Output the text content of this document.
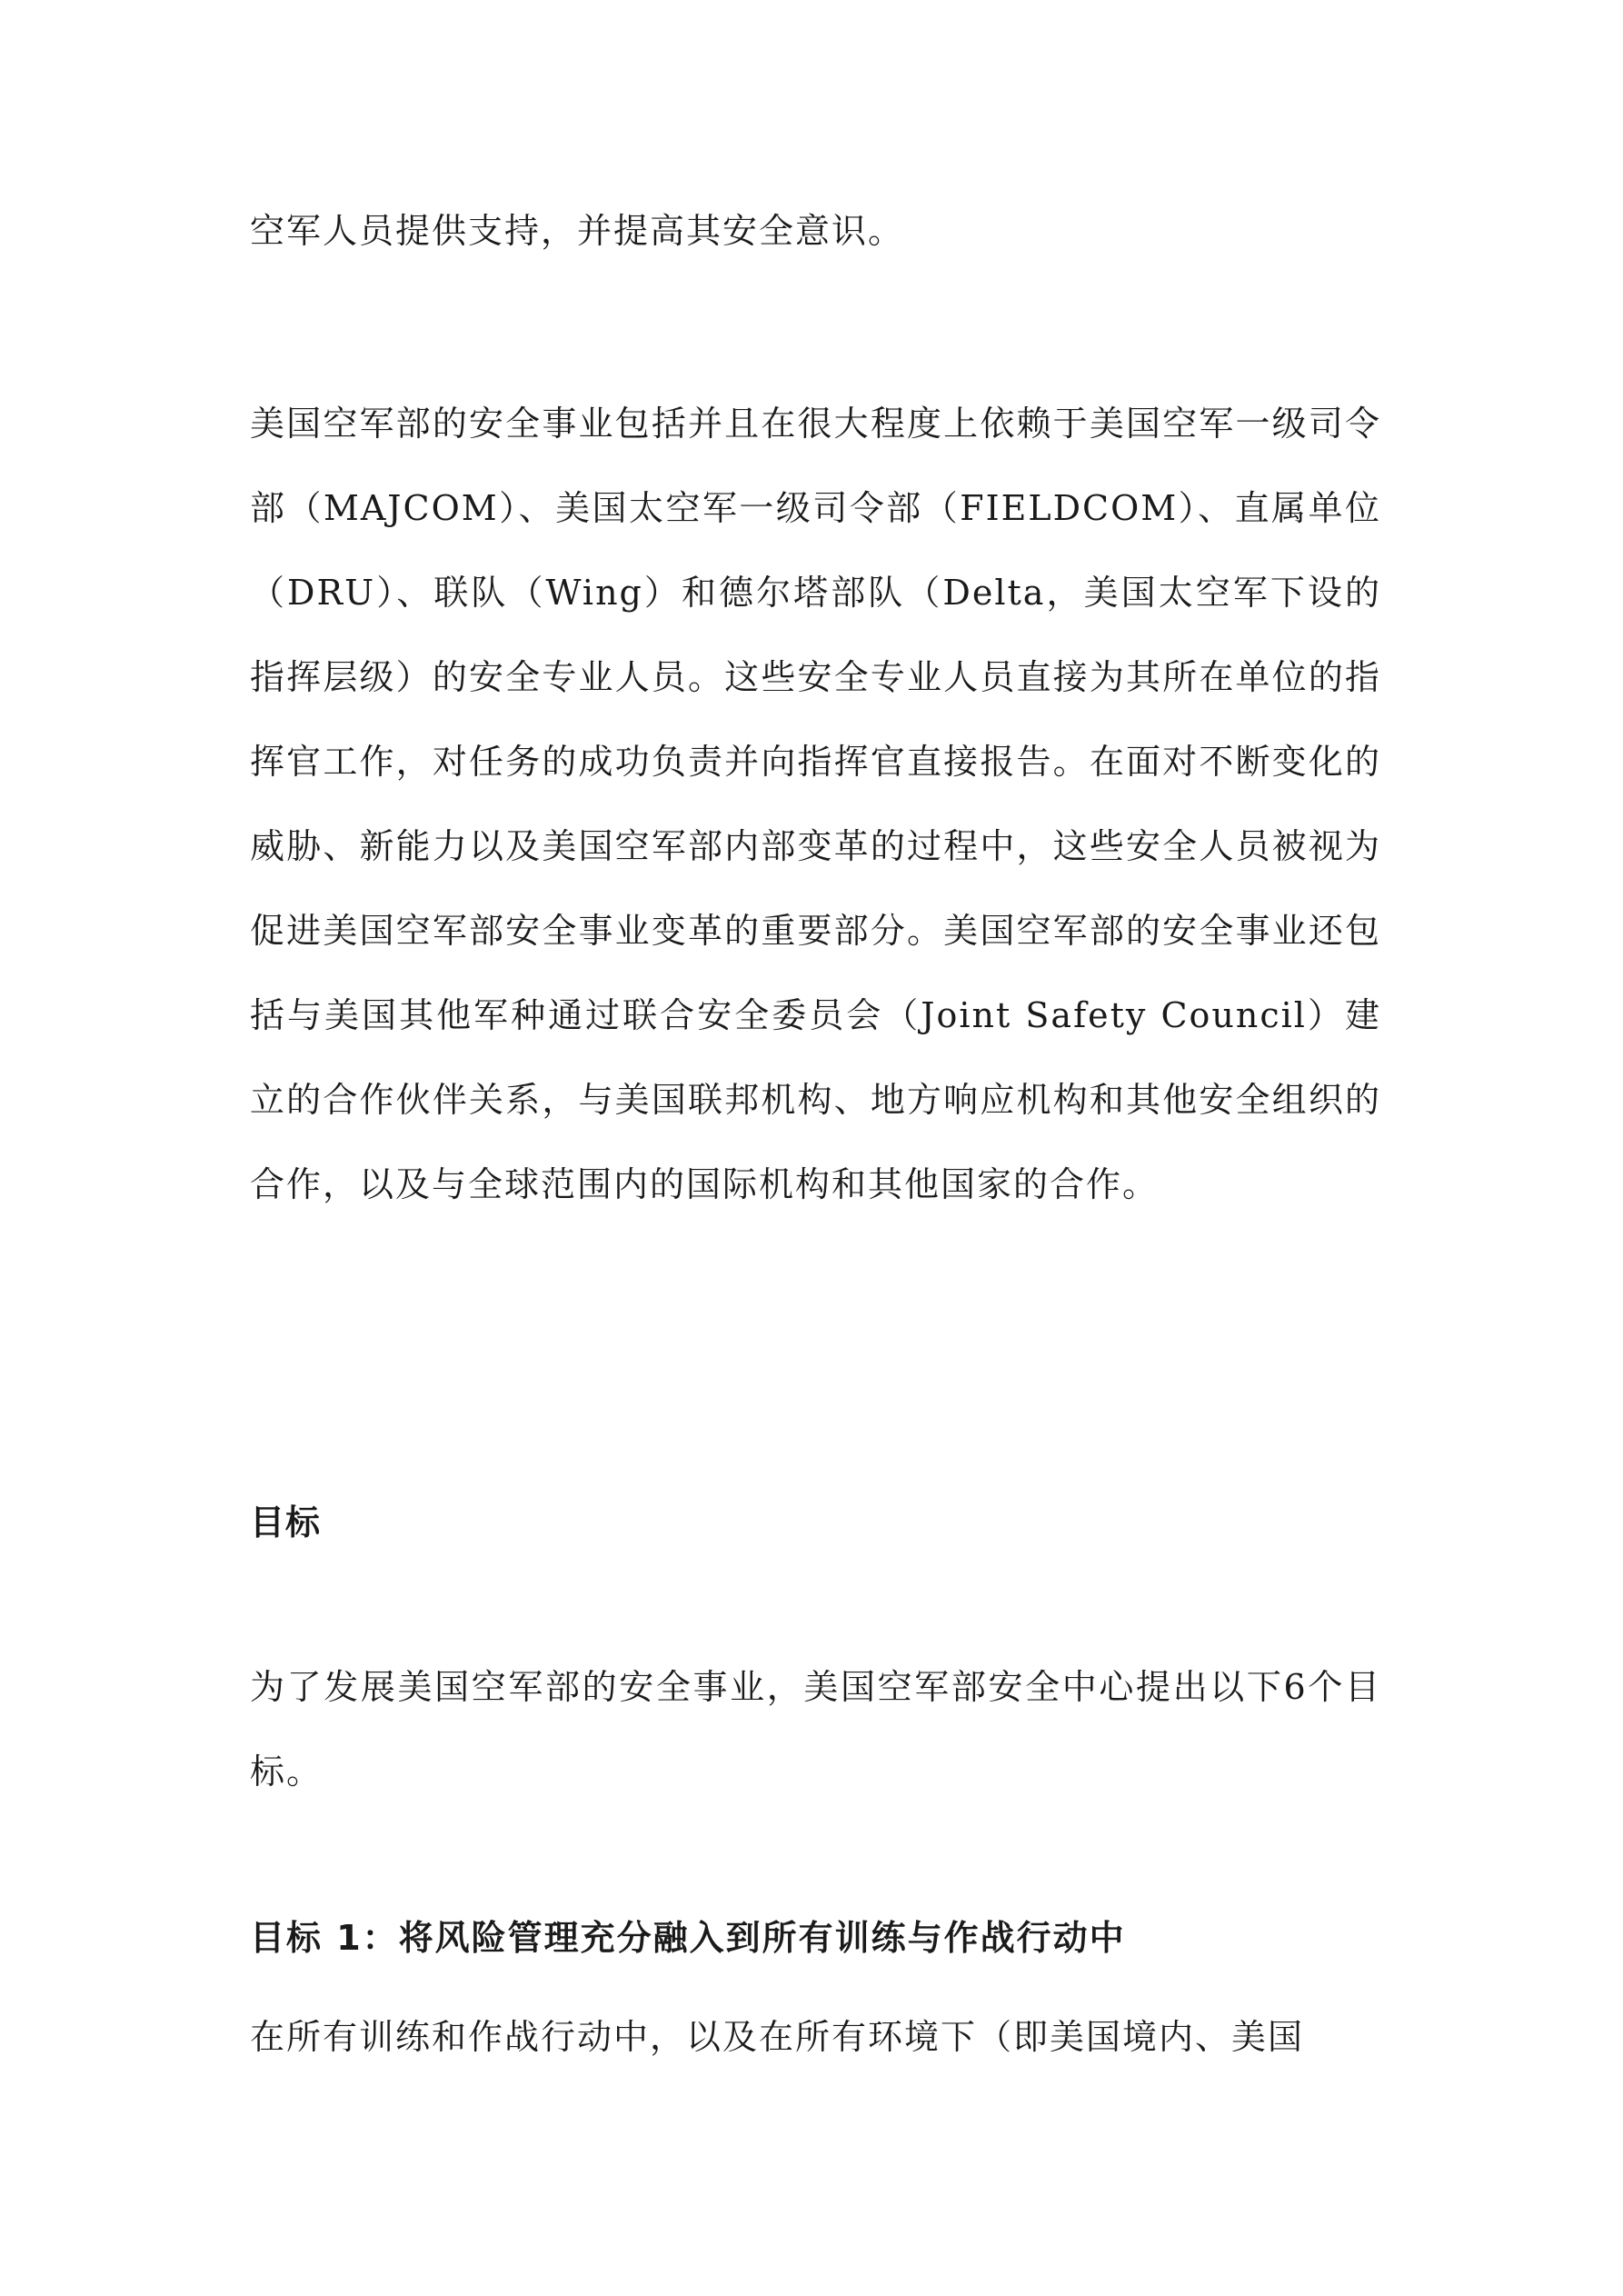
空军人员提供支持，并提高其安全意识。

美国空军部的安全事业包括并且在很大程度上依赖于美国空军一级司令部（MAJCOM）、美国太空军一级司令部（FIELDCOM）、直属单位（DRU）、联队（Wing）和德尔塔部队（Delta，美国太空军下设的指挥层级）的安全专业人员。这些安全专业人员直接为其所在单位的指挥官工作，对任务的成功负责并向指挥官直接报告。在面对不断变化的威胁、新能力以及美国空军部内部变革的过程中，这些安全人员被视为促进美国空军部安全事业变革的重要部分。美国空军部的安全事业还包括与美国其他军种通过联合安全委员会（Joint Safety Council）建立的合作伙伴关系，与美国联邦机构、地方响应机构和其他安全组织的合作，以及与全球范围内的国际机构和其他国家的合作。

目标

为了发展美国空军部的安全事业，美国空军部安全中心提出以下6个目标。

目标 1：将风险管理充分融入到所有训练与作战行动中

在所有训练和作战行动中，以及在所有环境下（即美国境内、美国
